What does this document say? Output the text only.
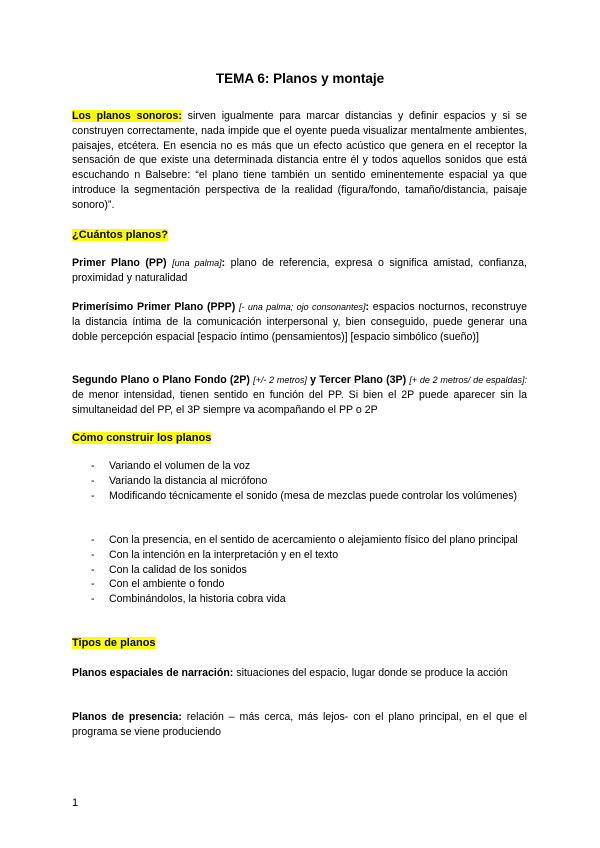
TEMA 6: Planos y montaje
Los planos sonoros: sirven igualmente para marcar distancias y definir espacios y si se construyen correctamente, nada impide que el oyente pueda visualizar mentalmente ambientes, paisajes, etcétera. En esencia no es más que un efecto acústico que genera en el receptor la sensación de que existe una determinada distancia entre él y todos aquellos sonidos que está escuchando n Balsebre: “el plano tiene también un sentido eminentemente espacial ya que introduce la segmentación perspectiva de la realidad (figura/fondo, tamaño/distancia, paisaje sonoro)”.
¿Cuántos planos?
Primer Plano (PP) [una palma]: plano de referencia, expresa o significa amistad, confianza, proximidad y naturalidad
Primerísimo Primer Plano (PPP) [- una palma; ojo consonantes]: espacios nocturnos, reconstruye la distancia íntima de la comunicación interpersonal y, bien conseguido, puede generar una doble percepción espacial [espacio íntimo (pensamientos)] [espacio simbólico (sueño)]
Segundo Plano o Plano Fondo (2P) [+/- 2 metros] y Tercer Plano (3P) [+ de 2 metros/ de espaldas]: de menor intensidad, tienen sentido en función del PP. Si bien el 2P puede aparecer sin la simultaneidad del PP, el 3P siempre va acompañando el PP o 2P
Cómo construir los planos
- Variando el volumen de la voz
- Variando la distancia al micrófono
- Modificando técnicamente el sonido (mesa de mezclas puede controlar los volúmenes)
- Con la presencia, en el sentido de acercamiento o alejamiento físico del plano principal
- Con la intención en la interpretación y en el texto
- Con la calidad de los sonidos
- Con el ambiente o fondo
- Combinándolos, la historia cobra vida
Tipos de planos
Planos espaciales de narración: situaciones del espacio, lugar donde se produce la acción
Planos de presencia: relación – más cerca, más lejos- con el plano principal, en el que el programa se viene produciendo
1
